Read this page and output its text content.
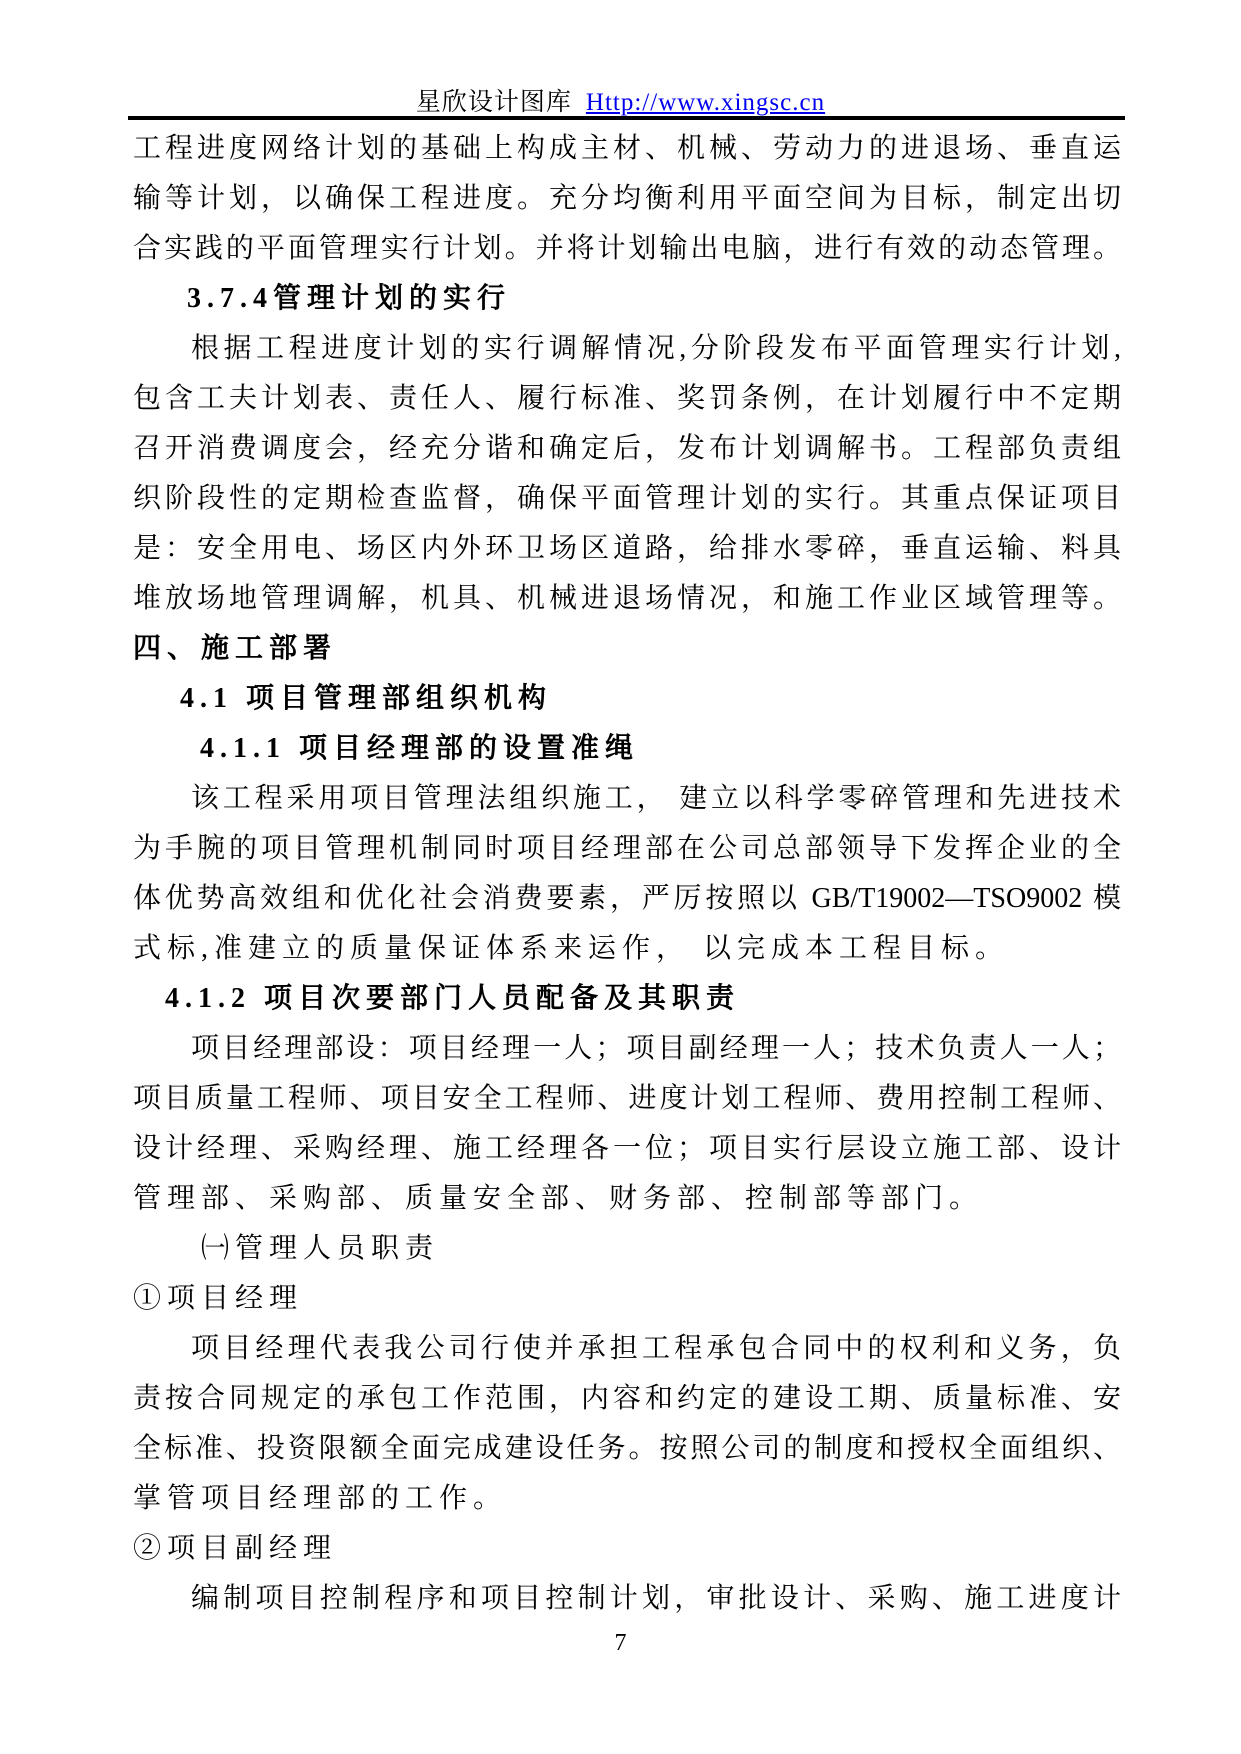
星欣设计图库 Http://www.xingsc.cn
工程进度网络计划的基础上构成主材、机械、劳动力的进退场、垂直运
输等计划，以确保工程进度。充分均衡利用平面空间为目标，制定出切
合实践的平面管理实行计划。并将计划输出电脑，进行有效的动态管理。
3.7.4管理计划的实行
根据工程进度计划的实行调解情况,分阶段发布平面管理实行计划,
包含工夫计划表、责任人、履行标准、奖罚条例，在计划履行中不定期
召开消费调度会，经充分谐和确定后，发布计划调解书。工程部负责组
织阶段性的定期检查监督，确保平面管理计划的实行。其重点保证项目
是：安全用电、场区内外环卫场区道路，给排水零碎，垂直运输、料具
堆放场地管理调解，机具、机械进退场情况，和施工作业区域管理等。
四、施工部署
4.1 项目管理部组织机构
4.1.1 项目经理部的设置准绳
该工程采用项目管理法组织施工， 建立以科学零碎管理和先进技术
为手腕的项目管理机制同时项目经理部在公司总部领导下发挥企业的全
体优势高效组和优化社会消费要素，严厉按照以 GB/T19002—TSO9002 模
式标,准建立的质量保证体系来运作， 以完成本工程目标。
4.1.2 项目次要部门人员配备及其职责
项目经理部设：项目经理一人；项目副经理一人；技术负责人一人；
项目质量工程师、项目安全工程师、进度计划工程师、费用控制工程师、
设计经理、采购经理、施工经理各一位；项目实行层设立施工部、设计
管理部、采购部、质量安全部、财务部、控制部等部门。
㈠管理人员职责
①项目经理
项目经理代表我公司行使并承担工程承包合同中的权利和义务，负
责按合同规定的承包工作范围，内容和约定的建设工期、质量标准、安
全标准、投资限额全面完成建设任务。按照公司的制度和授权全面组织、
掌管项目经理部的工作。
②项目副经理
编制项目控制程序和项目控制计划，审批设计、采购、施工进度计
7
